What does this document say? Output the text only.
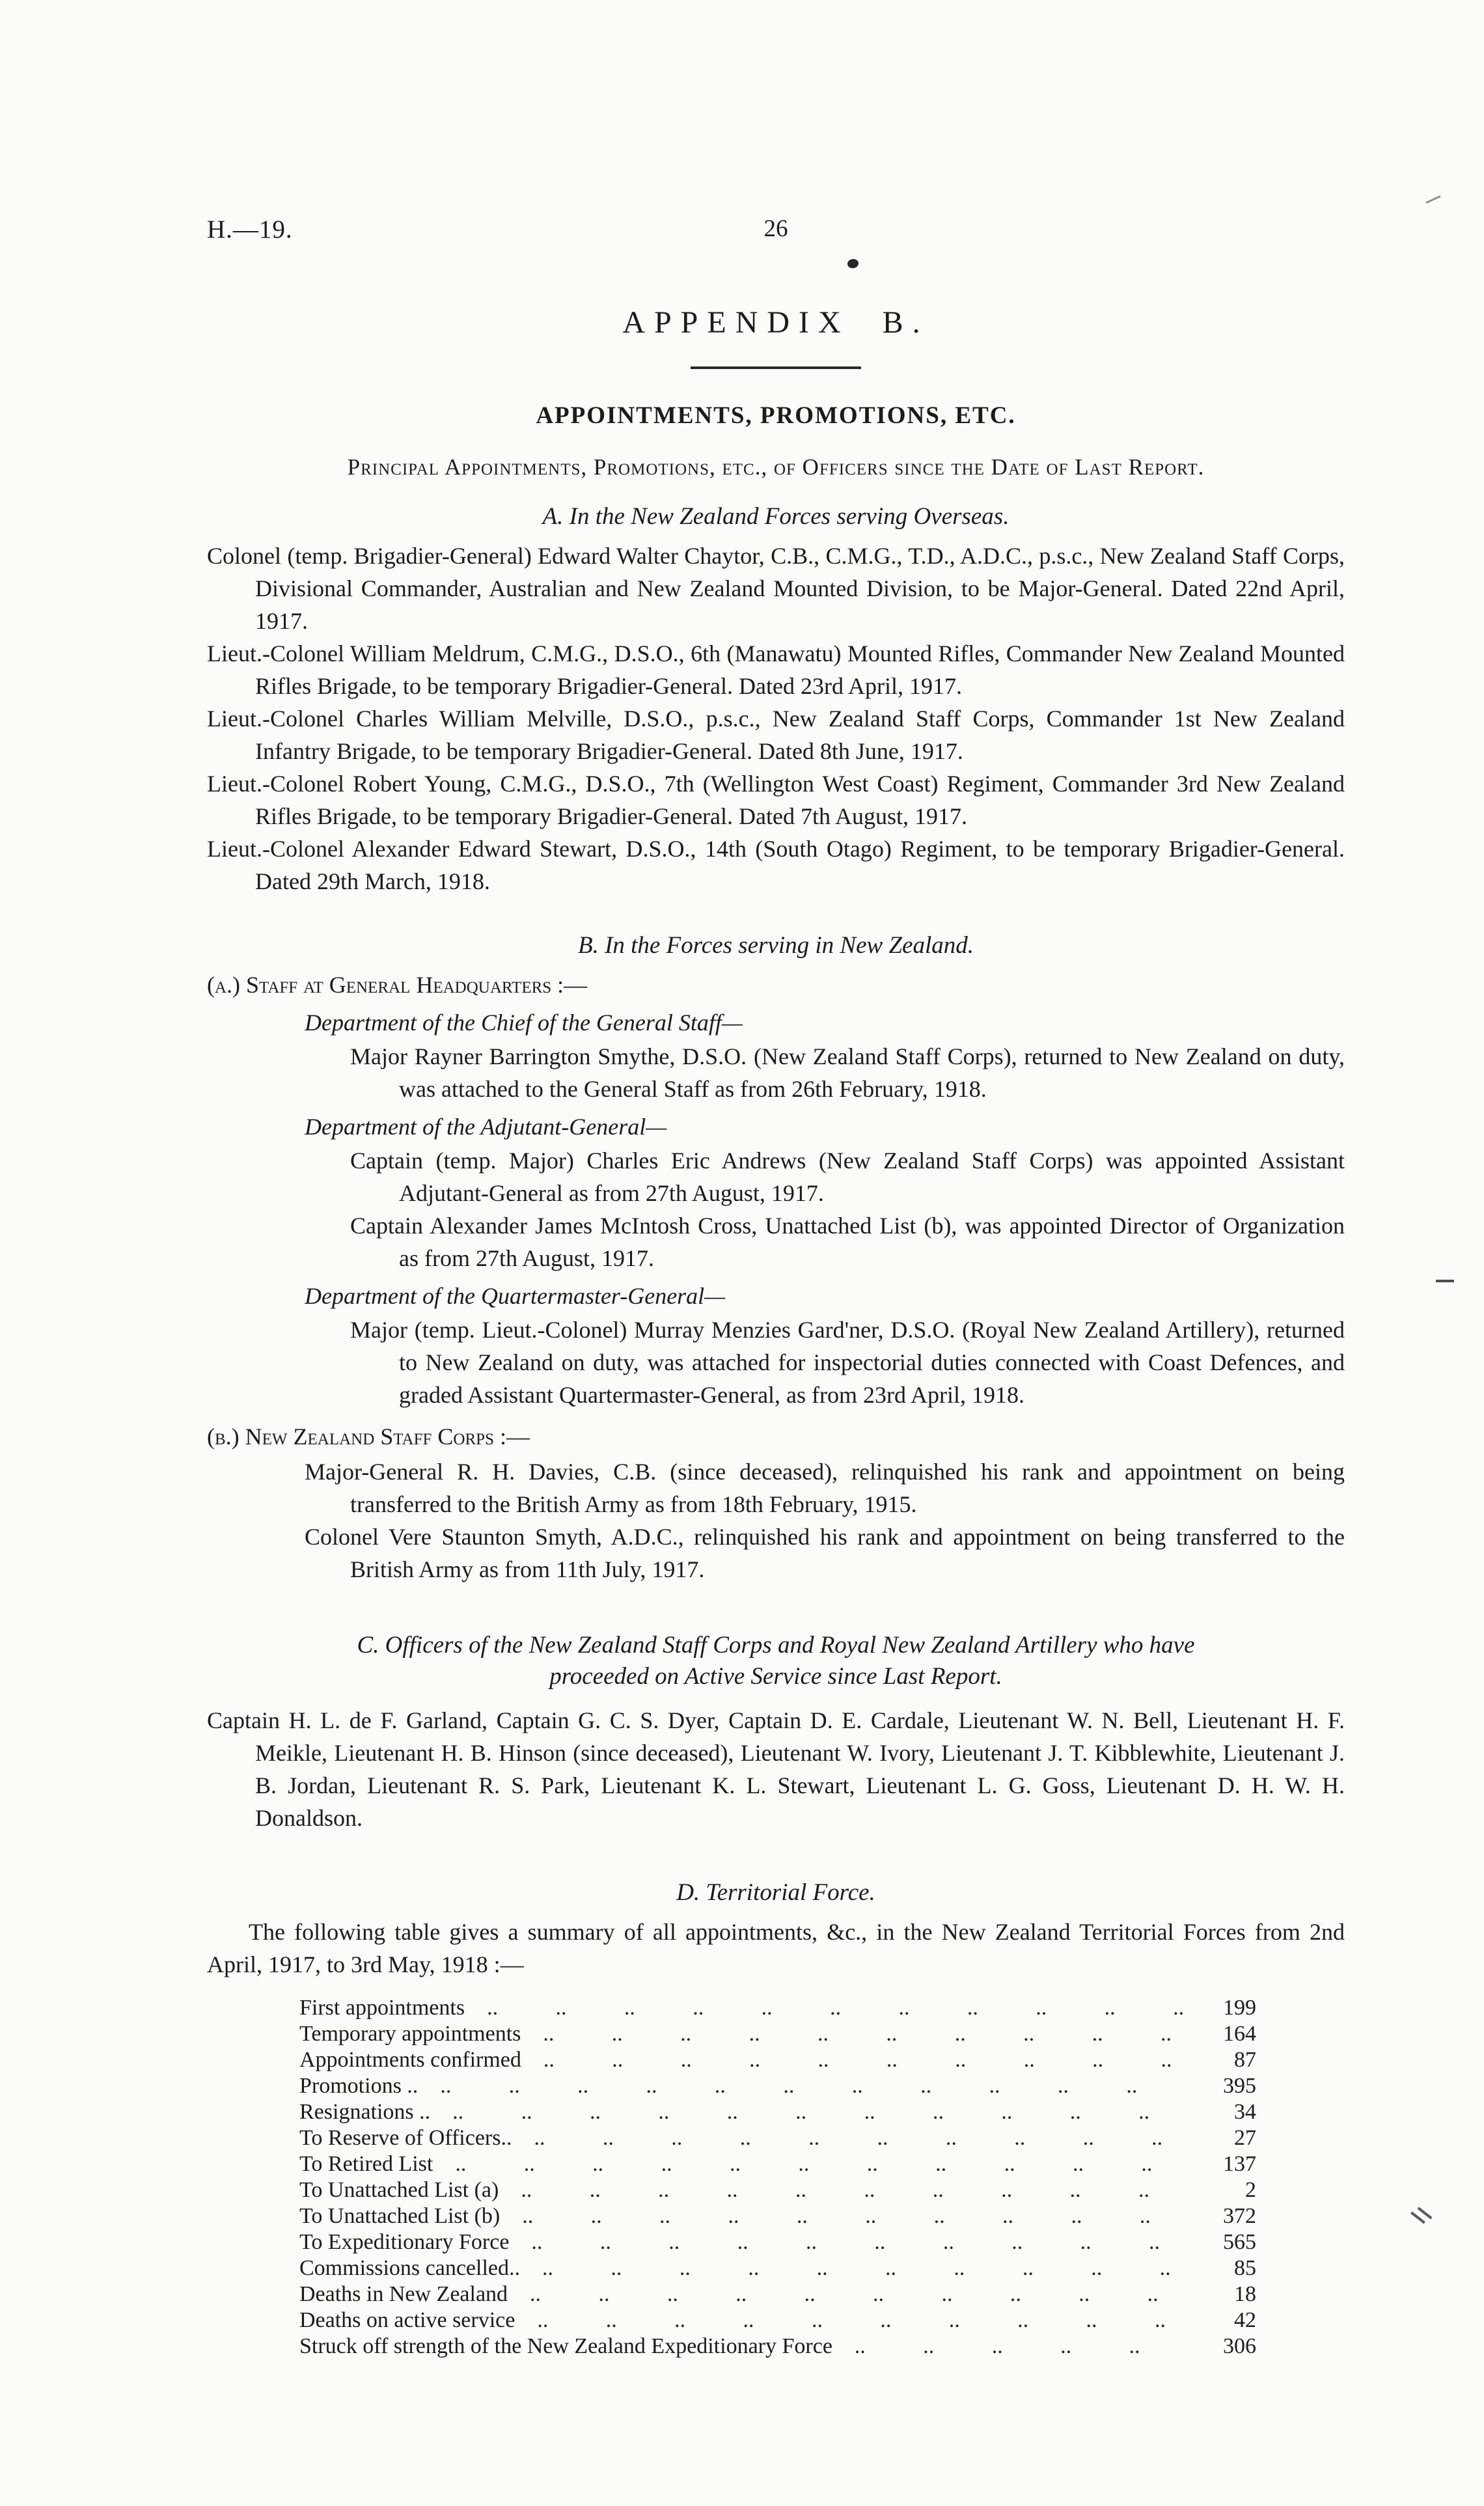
H.—19.	26
APPENDIX B.
APPOINTMENTS, PROMOTIONS, ETC.
Principal Appointments, Promotions, etc., of Officers since the Date of Last Report.
A. In the New Zealand Forces serving Overseas.

Colonel (temp. Brigadier-General) Edward Walter Chaytor, C.B., C.M.G., T.D., A.D.C., p.s.c., New Zealand Staff Corps, Divisional Commander, Australian and New Zealand Mounted Division, to be Major-General. Dated 22nd April, 1917.

Lieut.-Colonel William Meldrum, C.M.G., D.S.O., 6th (Manawatu) Mounted Rifles, Commander New Zealand Mounted Rifles Brigade, to be temporary Brigadier-General. Dated 23rd April, 1917.

Lieut.-Colonel Charles William Melville, D.S.O., p.s.c., New Zealand Staff Corps, Commander 1st New Zealand Infantry Brigade, to be temporary Brigadier-General. Dated 8th June, 1917.

Lieut.-Colonel Robert Young, C.M.G., D.S.O., 7th (Wellington West Coast) Regiment, Commander 3rd New Zealand Rifles Brigade, to be temporary Brigadier-General. Dated 7th August, 1917.

Lieut.-Colonel Alexander Edward Stewart, D.S.O., 14th (South Otago) Regiment, to be temporary Brigadier-General. Dated 29th March, 1918.

B. In the Forces serving in New Zealand.
(a.) Staff at General Headquarters :—
Department of the Chief of the General Staff—

Major Rayner Barrington Smythe, D.S.O. (New Zealand Staff Corps), returned to New Zealand on duty, was attached to the General Staff as from 26th February, 1918.

Department of the Adjutant-General—

Captain (temp. Major) Charles Eric Andrews (New Zealand Staff Corps) was appointed Assistant Adjutant-General as from 27th August, 1917.

Captain Alexander James McIntosh Cross, Unattached List (b), was appointed Director of Organization as from 27th August, 1917.

Department of the Quartermaster-General—

Major (temp. Lieut.-Colonel) Murray Menzies Gard'ner, D.S.O. (Royal New Zealand Artillery), returned to New Zealand on duty, was attached for inspectorial duties connected with Coast Defences, and graded Assistant Quartermaster-General, as from 23rd April, 1918.

(b.) New Zealand Staff Corps :—

Major-General R. H. Davies, C.B. (since deceased), relinquished his rank and appointment on being transferred to the British Army as from 18th February, 1915.

Colonel Vere Staunton Smyth, A.D.C., relinquished his rank and appointment on being transferred to the British Army as from 11th July, 1917.

C. Officers of the New Zealand Staff Corps and Royal New Zealand Artillery who have
proceeded on Active Service since Last Report.

Captain H. L. de F. Garland, Captain G. C. S. Dyer, Captain D. E. Cardale, Lieutenant W. N. Bell, Lieutenant H. F. Meikle, Lieutenant H. B. Hinson (since deceased), Lieutenant W. Ivory, Lieutenant J. T. Kibblewhite, Lieutenant J. B. Jordan, Lieutenant R. S. Park, Lieutenant K. L. Stewart, Lieutenant L. G. Goss, Lieutenant D. H. W. H. Donaldson.

D. Territorial Force.

The following table gives a summary of all appointments, &c., in the New Zealand Territorial Forces from 2nd April, 1917, to 3rd May, 1918 :—

First appointments .. ..	199
Temporary appointments .. ..	164
Appointments confirmed .. ..	87
Promotions .. .. ..	395
Resignations .. .. ..	34
To Reserve of Officers.. .. ..	27
To Retired List .. ..	137
To Unattached List (a) .. ..	2
To Unattached List (b) .. ..	372
To Expeditionary Force .. ..	565
Commissions cancelled.. .. ..	85
Deaths in New Zealand .. ..	18
Deaths on active service .. ..	42
Struck off strength of the New Zealand Expeditionary Force .. ..	306
